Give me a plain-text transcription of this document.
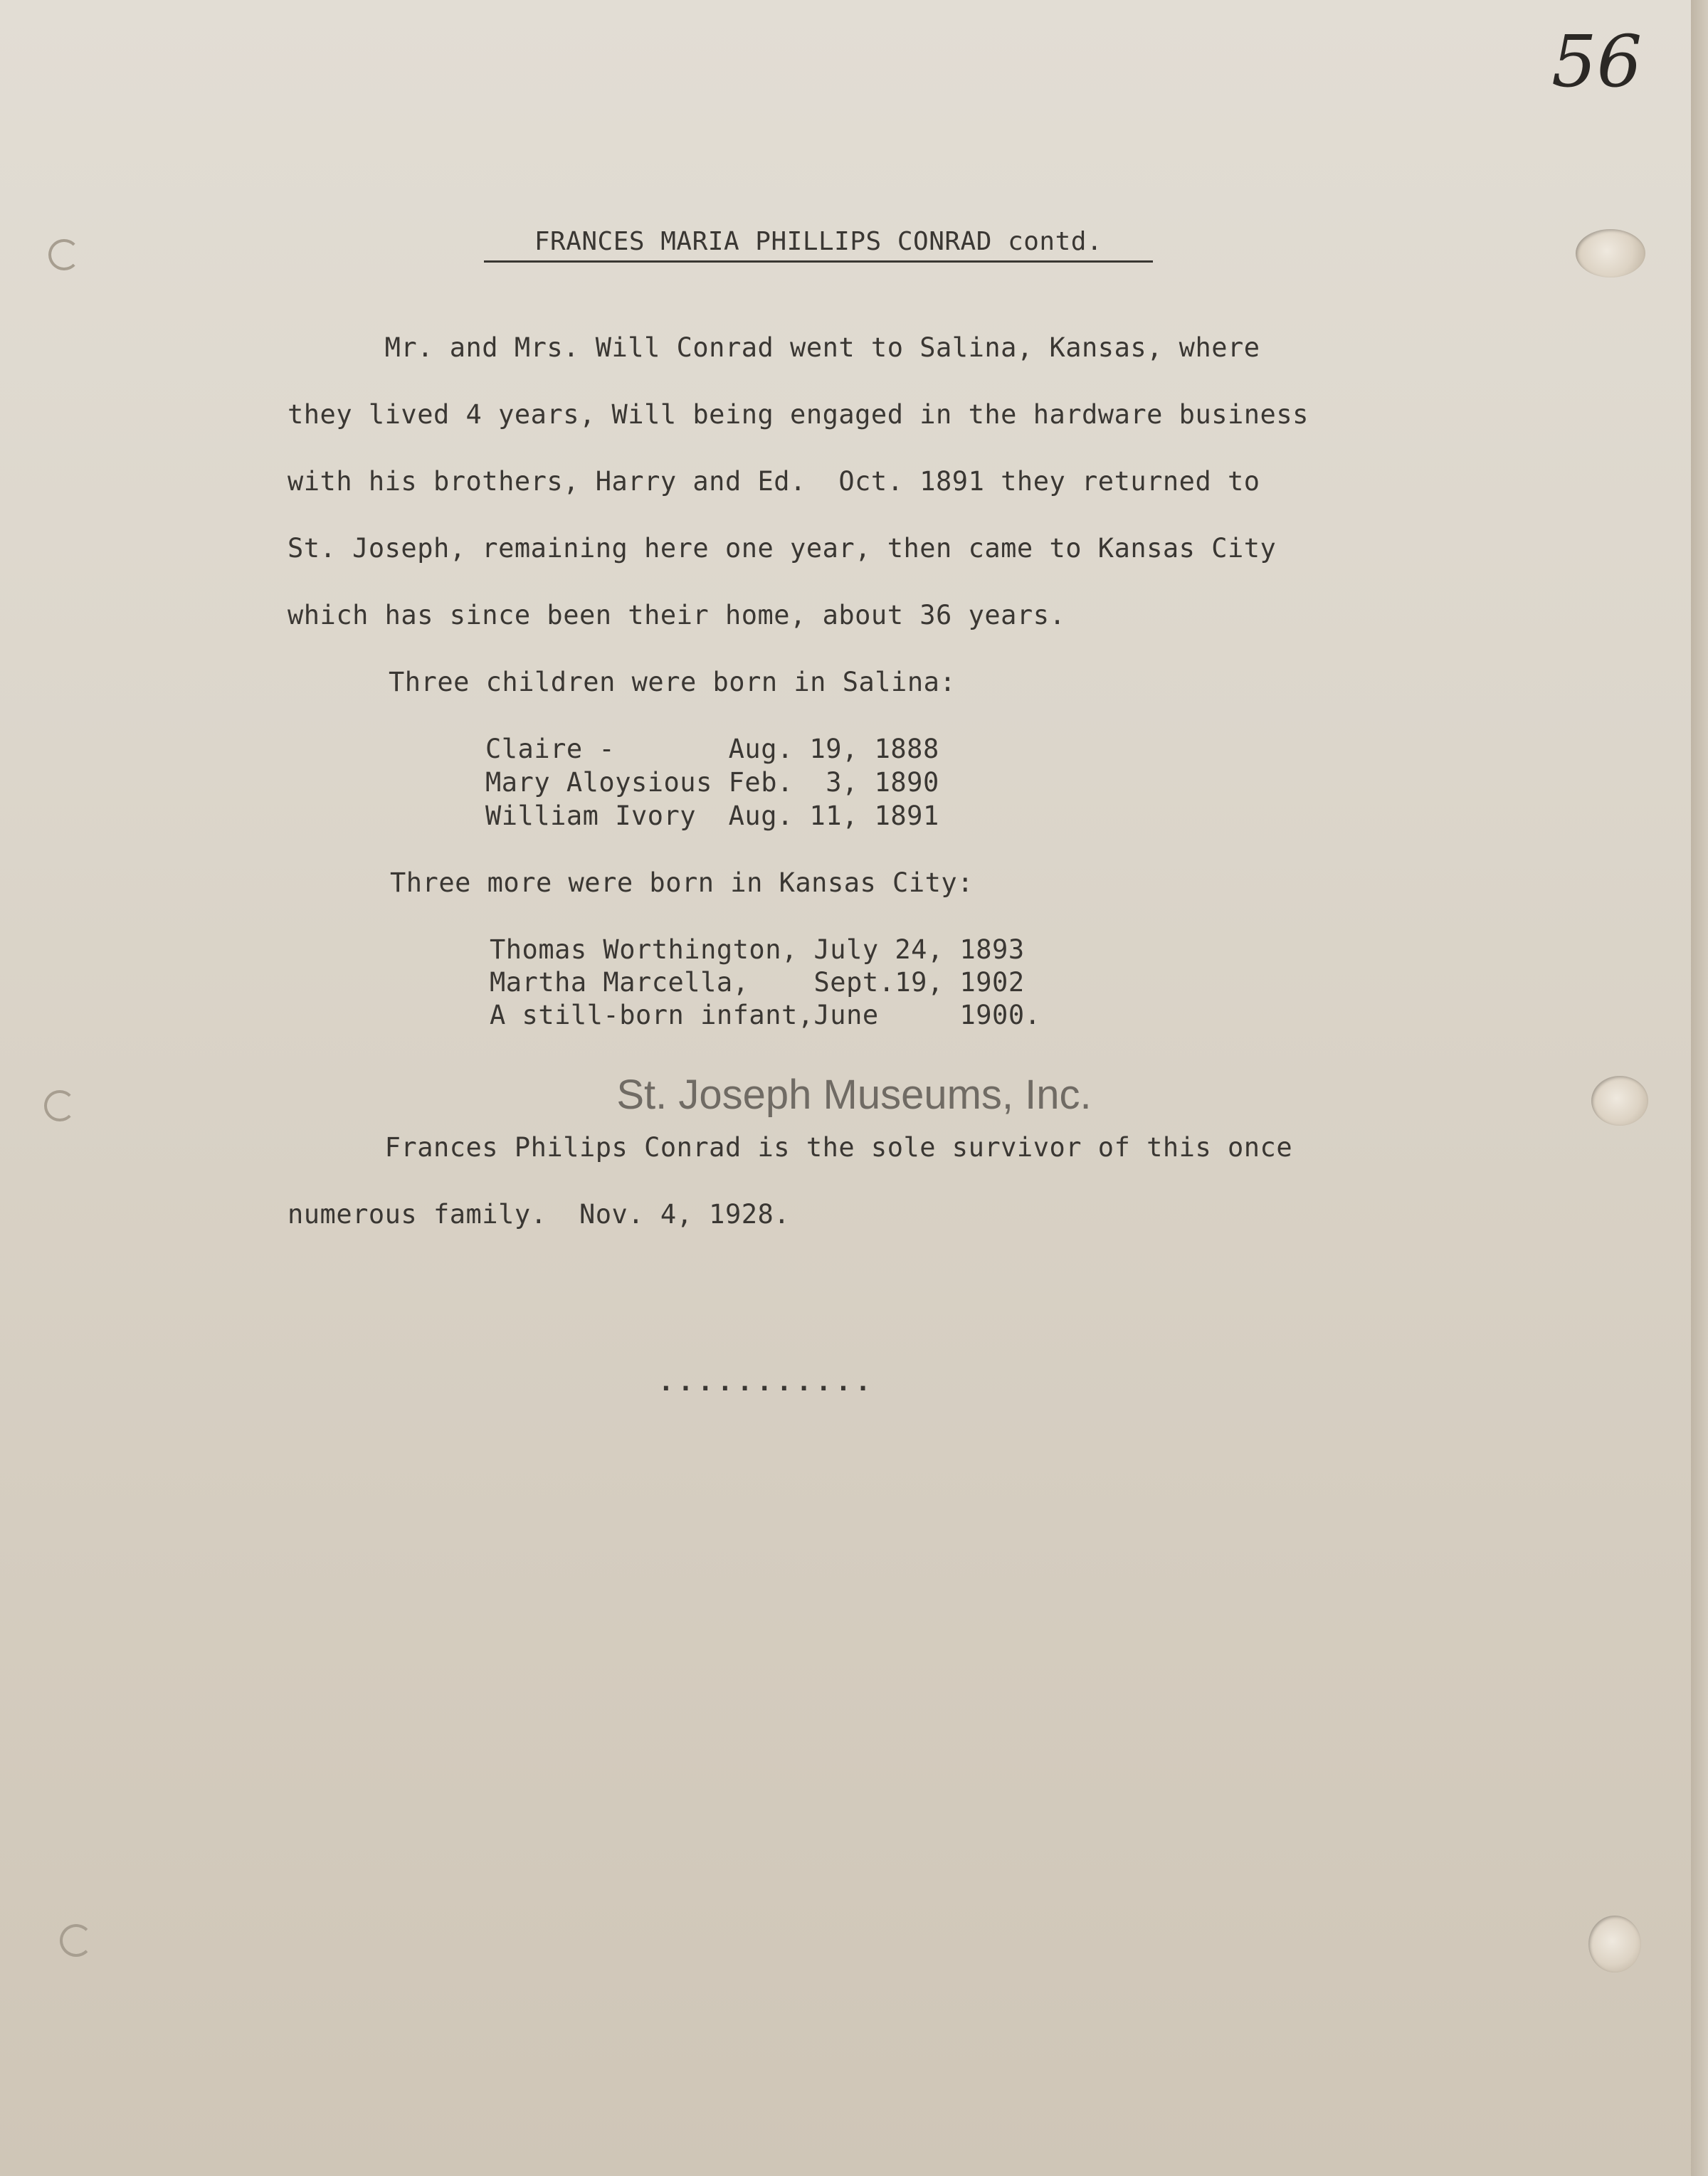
56
FRANCES MARIA PHILLIPS CONRAD contd.
Mr. and Mrs. Will Conrad went to Salina, Kansas, where
they lived 4 years, Will being engaged in the hardware business
with his brothers, Harry and Ed.  Oct. 1891 they returned to
St. Joseph, remaining here one year, then came to Kansas City
which has since been their home, about 36 years.
Three children were born in Salina:
Claire -       Aug. 19, 1888
Mary Aloysious Feb.  3, 1890
William Ivory  Aug. 11, 1891
Three more were born in Kansas City:
Thomas Worthington, July 24, 1893
Martha Marcella,    Sept.19, 1902
A still-born infant,June     1900.
St. Joseph Museums, Inc.
Frances Philips Conrad is the sole survivor of this once
numerous family.  Nov. 4, 1928.
...........
